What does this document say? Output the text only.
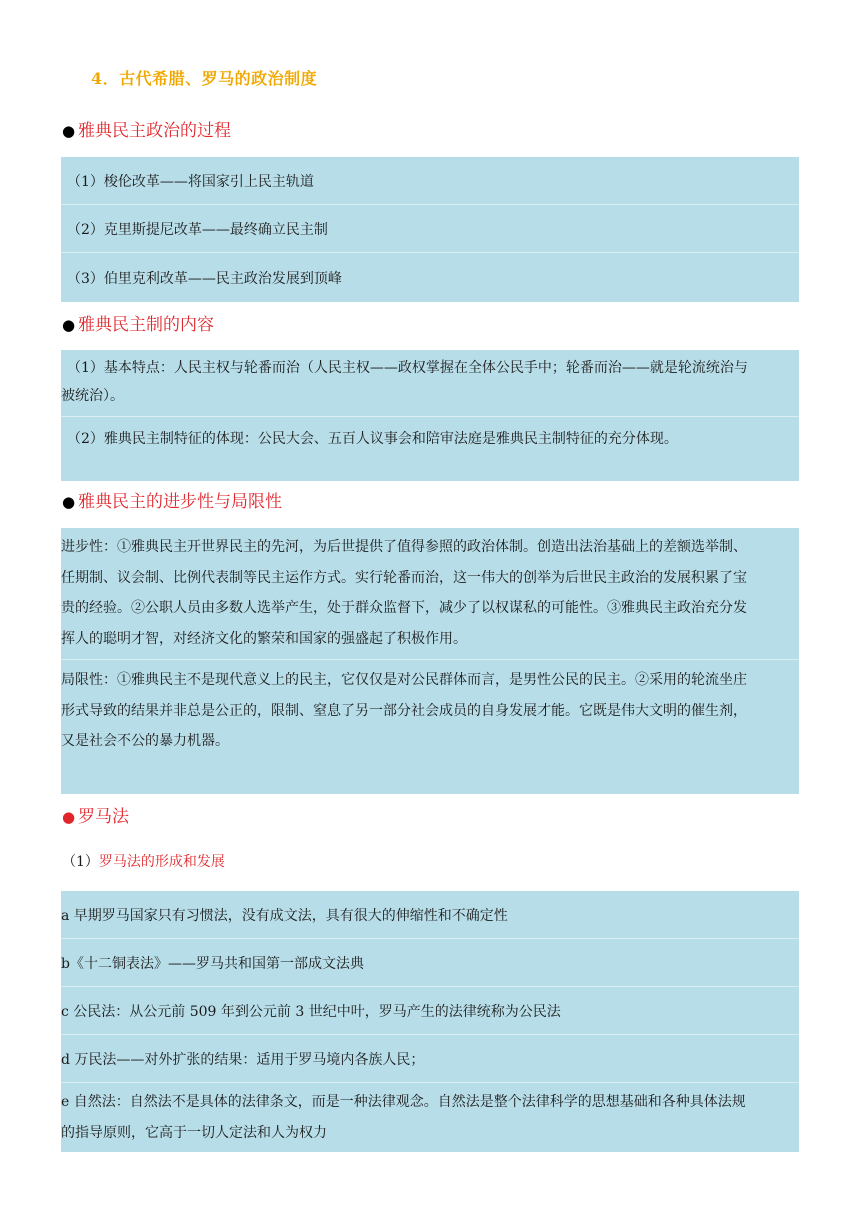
4．古代希腊、罗马的政治制度
● 雅典民主政治的过程
（1）梭伦改革——将国家引上民主轨道
（2）克里斯提尼改革——最终确立民主制
（3）伯里克利改革——民主政治发展到顶峰
● 雅典民主制的内容
（1）基本特点：人民主权与轮番而治（人民主权——政权掌握在全体公民手中；轮番而治——就是轮流统治与
被统治）。
（2）雅典民主制特征的体现：公民大会、五百人议事会和陪审法庭是雅典民主制特征的充分体现。
● 雅典民主的进步性与局限性
进步性：①雅典民主开世界民主的先河，为后世提供了值得参照的政治体制。创造出法治基础上的差额选举制、
任期制、议会制、比例代表制等民主运作方式。实行轮番而治，这一伟大的创举为后世民主政治的发展积累了宝
贵的经验。②公职人员由多数人选举产生，处于群众监督下，减少了以权谋私的可能性。③雅典民主政治充分发
挥人的聪明才智，对经济文化的繁荣和国家的强盛起了积极作用。
局限性：①雅典民主不是现代意义上的民主，它仅仅是对公民群体而言，是男性公民的民主。②采用的轮流坐庄
形式导致的结果并非总是公正的，限制、窒息了另一部分社会成员的自身发展才能。它既是伟大文明的催生剂，
又是社会不公的暴力机器。
● 罗马法
（1）罗马法的形成和发展
a 早期罗马国家只有习惯法，没有成文法，具有很大的伸缩性和不确定性
b《十二铜表法》——罗马共和国第一部成文法典
c 公民法：从公元前 509 年到公元前 3 世纪中叶，罗马产生的法律统称为公民法
d 万民法——对外扩张的结果：适用于罗马境内各族人民；
e 自然法：自然法不是具体的法律条文，而是一种法律观念。自然法是整个法律科学的思想基础和各种具体法规
的指导原则，它高于一切人定法和人为权力
